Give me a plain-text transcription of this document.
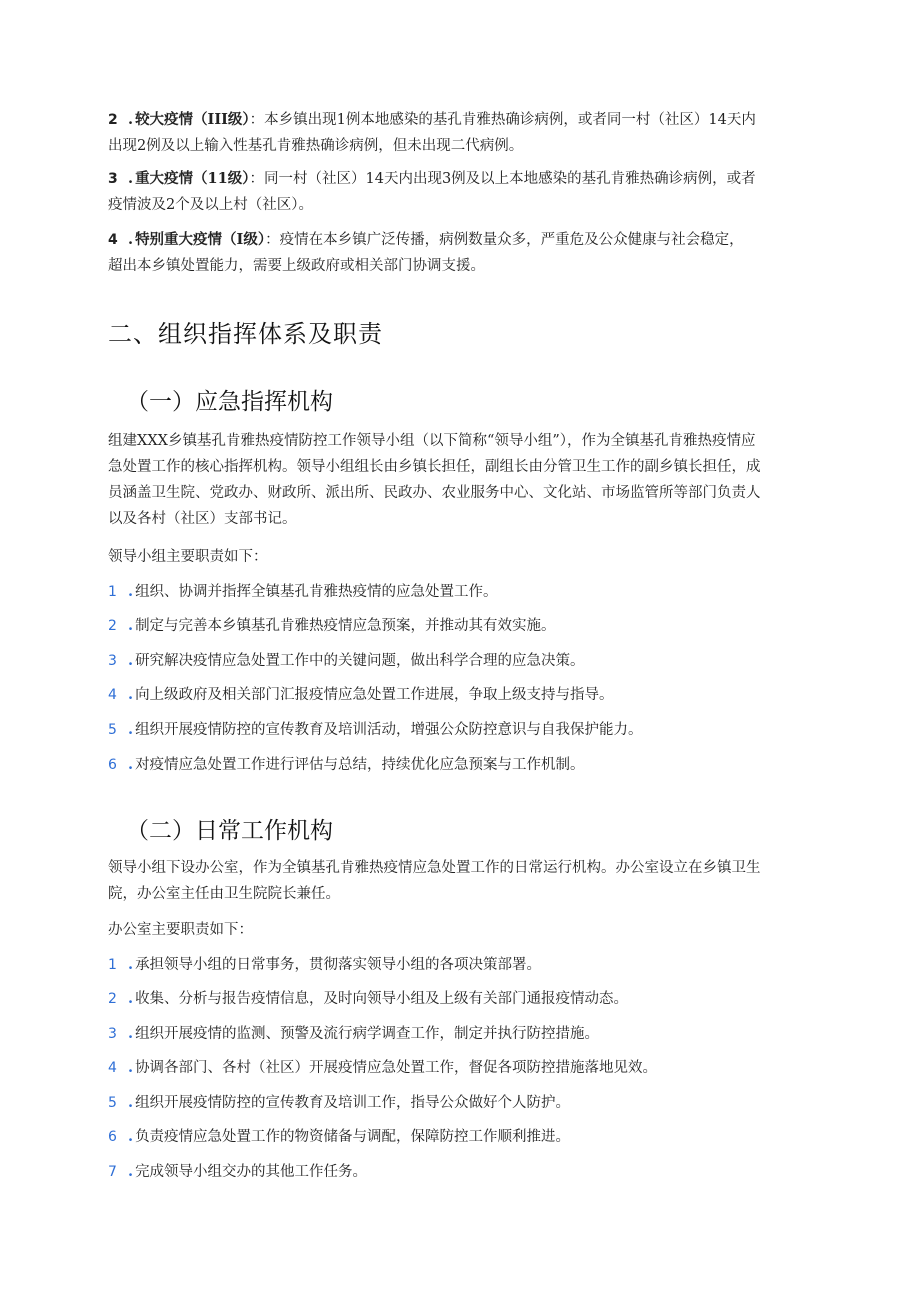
2 . 较大疫情（III级）：本乡镇出现1例本地感染的基孔肯雅热确诊病例，或者同一村（社区）14天内
出现2例及以上输入性基孔肯雅热确诊病例，但未出现二代病例。
3 . 重大疫情（11级）：同一村（社区）14天内出现3例及以上本地感染的基孔肯雅热确诊病例，或者
疫情波及2个及以上村（社区）。
4 . 特别重大疫情（I级）：疫情在本乡镇广泛传播，病例数量众多，严重危及公众健康与社会稳定，
超出本乡镇处置能力，需要上级政府或相关部门协调支援。
二、组织指挥体系及职责
（一）应急指挥机构
组建XXX乡镇基孔肯雅热疫情防控工作领导小组（以下简称“领导小组”），作为全镇基孔肯雅热疫情应
急处置工作的核心指挥机构。领导小组组长由乡镇长担任，副组长由分管卫生工作的副乡镇长担任，成
员涵盖卫生院、党政办、财政所、派出所、民政办、农业服务中心、文化站、市场监管所等部门负责人
以及各村（社区）支部书记。
领导小组主要职责如下：
1 . 组织、协调并指挥全镇基孔肯雅热疫情的应急处置工作。
2 . 制定与完善本乡镇基孔肯雅热疫情应急预案，并推动其有效实施。
3 . 研究解决疫情应急处置工作中的关键问题，做出科学合理的应急决策。
4 . 向上级政府及相关部门汇报疫情应急处置工作进展，争取上级支持与指导。
5 . 组织开展疫情防控的宣传教育及培训活动，增强公众防控意识与自我保护能力。
6 . 对疫情应急处置工作进行评估与总结，持续优化应急预案与工作机制。
（二）日常工作机构
领导小组下设办公室，作为全镇基孔肯雅热疫情应急处置工作的日常运行机构。办公室设立在乡镇卫生
院，办公室主任由卫生院院长兼任。
办公室主要职责如下：
1 . 承担领导小组的日常事务，贯彻落实领导小组的各项决策部署。
2 . 收集、分析与报告疫情信息，及时向领导小组及上级有关部门通报疫情动态。
3 . 组织开展疫情的监测、预警及流行病学调查工作，制定并执行防控措施。
4 . 协调各部门、各村（社区）开展疫情应急处置工作，督促各项防控措施落地见效。
5 . 组织开展疫情防控的宣传教育及培训工作，指导公众做好个人防护。
6 . 负责疫情应急处置工作的物资储备与调配，保障防控工作顺利推进。
7 . 完成领导小组交办的其他工作任务。
